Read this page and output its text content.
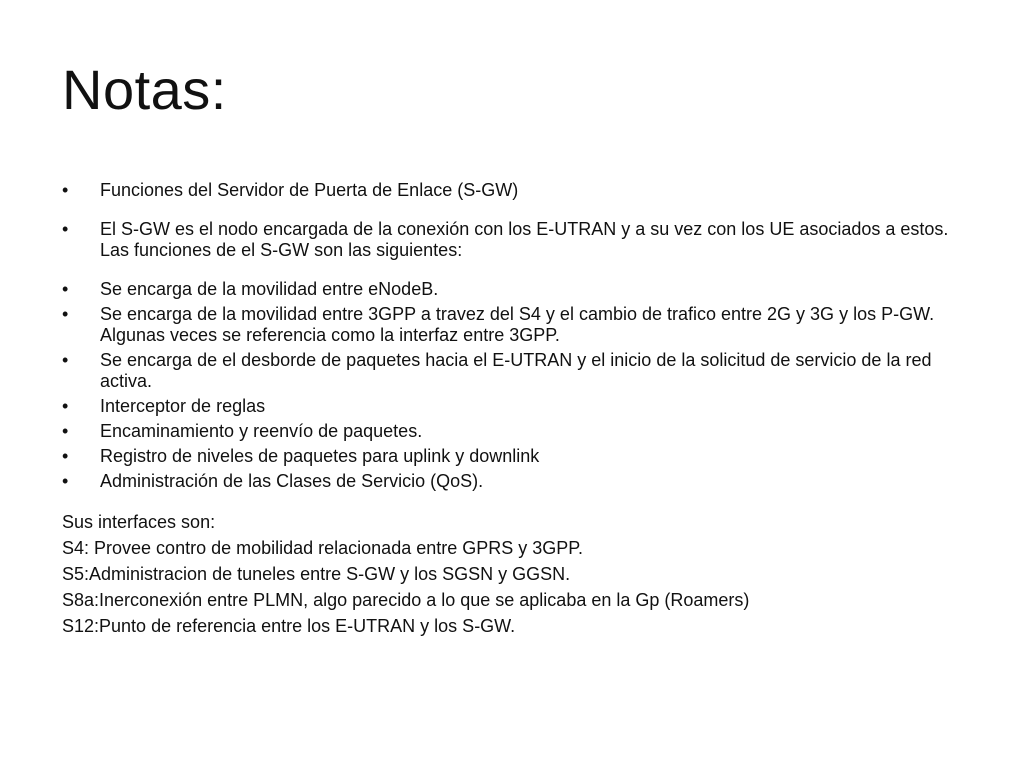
Notas:
• Funciones del Servidor de Puerta de Enlace (S-GW)
• El S-GW es el nodo encargada de la conexión con los E-UTRAN y a su vez con los UE asociados a estos. Las funciones de el S-GW son las siguientes:
• Se encarga de la movilidad entre eNodeB.
• Se encarga de la movilidad entre 3GPP a travez del S4 y el cambio de trafico entre 2G y 3G y los P-GW. Algunas veces se referencia como la interfaz entre 3GPP.
• Se encarga de el desborde de paquetes hacia el E-UTRAN y el inicio de la solicitud de servicio de la red activa.
• Interceptor de reglas
• Encaminamiento y reenvío de paquetes.
• Registro de niveles de paquetes para uplink y downlink
• Administración de las Clases de Servicio (QoS).

Sus interfaces son:

S4: Provee contro de mobilidad relacionada entre GPRS y 3GPP.

S5:Administracion de tuneles entre S-GW y los SGSN y GGSN.

S8a:Inerconexión entre PLMN, algo parecido a lo que se aplicaba en la Gp (Roamers)

S12:Punto de referencia entre los E-UTRAN y los S-GW.
